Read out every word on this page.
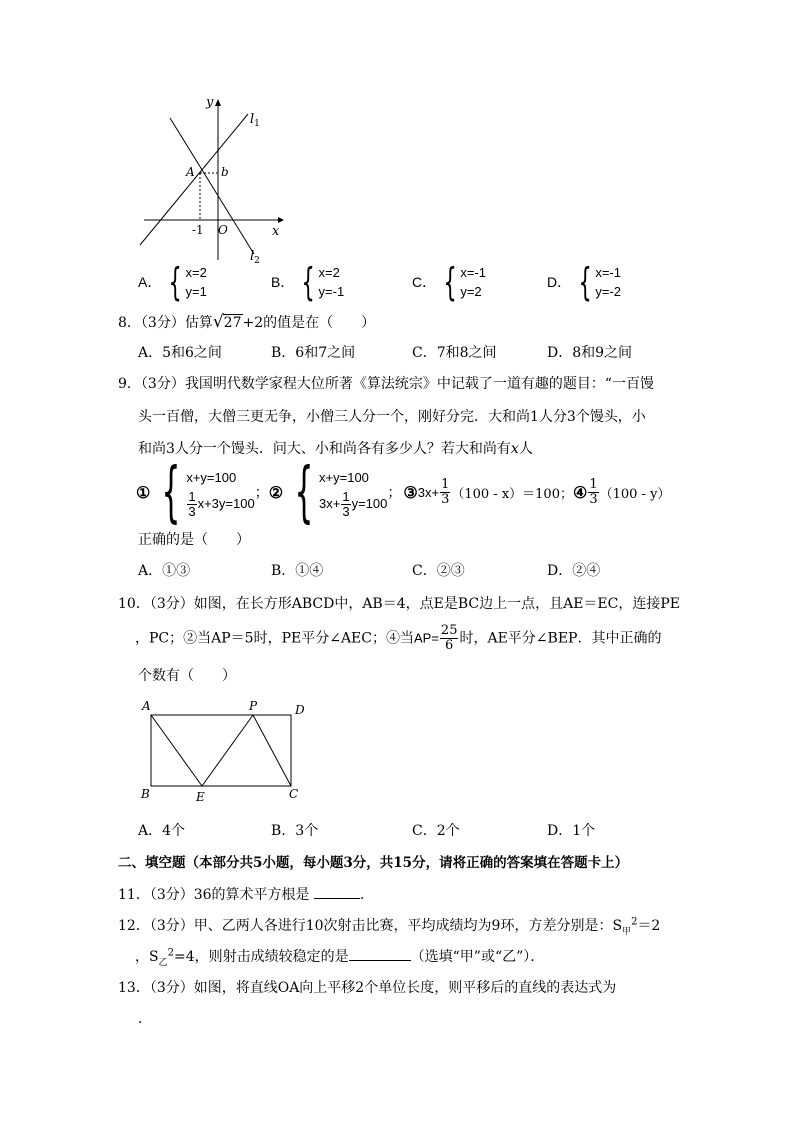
y
x
$l_1$
$l_2$
A b
-1 O
A． { x=2
y=1
B． { x=2
y=-1
C． { x=-1
y=2
D． { x=-1
y=-2
8．（3分）估算√27+2的值是在（　　）
A．5和6之间	B．6和7之间	C．7和8之间	D．8和9之间
9．（3分）我国明代数学家程大位所著《算法统宗》中记载了一道有趣的题目：“一百馒
头一百僧，大僧三更无争，小僧三人分一个，刚好分完．大和尚1人分3个馒头，小
和尚3人分一个馒头．问大、小和尚各有多少人？若大和尚有x人
① { x+y=100
$\frac{1}{3} x+3y=100$
； ② { x+y=100
$3x+ \frac{1}{3} y=100$
； ③ $3x+ \frac{1}{3} (100 - x)=100$； ④ $\frac{1}{3} (100 - y)$
正确的是（　　）
A．①③	B．①④	C．②③	D．②④
10．（3分）如图，在长方形ABCD中，AB＝4，点E是BC边上一点，且AE＝EC，连接PE
，PC；②当AP＝5时，PE平分∠AEC；④当$AP= \frac{25}{6}$ 时，AE平分∠BEP．其中正确的
个数有（　　）
A	P	D
B	E	C
A．4个	B．3个	C．2个	D．1个
二、填空题（本部分共5小题，每小题3分，共15分，请将正确的答案填在答题卡上）
11．（3分）36的算术平方根是	．
12．（3分）甲、乙两人各进行10次射击比赛，平均成绩均为9环，方差分别是：$S_甲^2=2$
，$S_乙^2=4$，则射击成绩较稳定的是	（选填“甲”或“乙”）．
13．（3分）如图，将直线OA向上平移2个单位长度，则平移后的直线的表达式为
．
